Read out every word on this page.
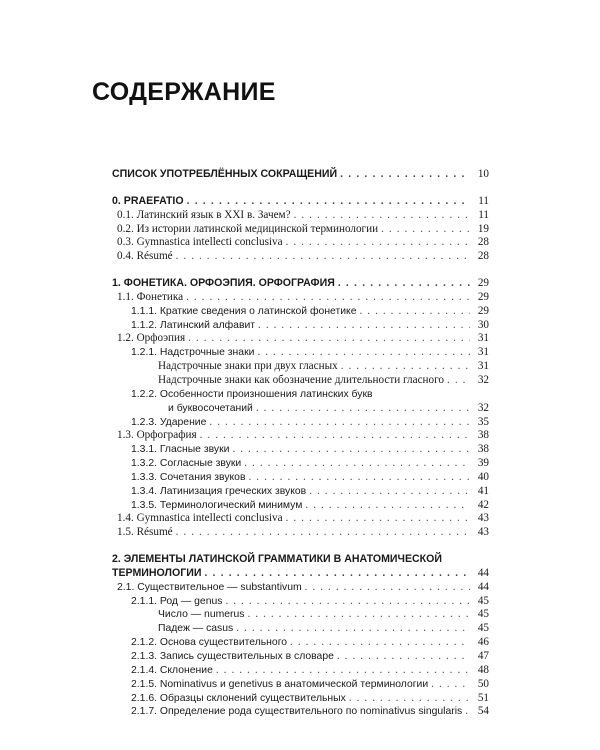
СОДЕРЖАНИЕ
СПИСОК УПОТРЕБЛЁННЫХ СОКРАЩЕНИЙ . . .	10
0. PRAEFATIO . . .	11
0.1. Латинский язык в XXI в. Зачем? . . .	11
0.2. Из истории латинской медицинской терминологии . . .	19
0.3. Gymnastica intellecti conclusiva . . .	28
0.4. Résumé . . .	28
1. ФОНЕТИКА. ОРФОЭПИЯ. ОРФОГРАФИЯ . . .	29
1.1. Фонетика . . .	29
1.1.1. Краткие сведения о латинской фонетике . . .	29
1.1.2. Латинский алфавит . . .	30
1.2. Орфоэпия . . .	31
1.2.1. Надстрочные знаки . . .	31
Надстрочные знаки при двух гласных . . .	31
Надстрочные знаки как обозначение длительности гласного . . .	32
1.2.2. Особенности произношения латинских букв
и буквосочетаний . . .	32
1.2.3. Ударение . . .	35
1.3. Орфография . . .	38
1.3.1. Гласные звуки . . .	38
1.3.2. Согласные звуки . . .	39
1.3.3. Сочетания звуков . . .	40
1.3.4. Латинизация греческих звуков . . .	41
1.3.5. Терминологический минимум . . .	42
1.4. Gymnastica intellecti conclusiva . . .	43
1.5. Résumé . . .	43
2. ЭЛЕМЕНТЫ ЛАТИНСКОЙ ГРАММАТИКИ В АНАТОМИЧЕСКОЙ
ТЕРМИНОЛОГИИ . . .	44
2.1. Существительное — substantivum . . .	44
2.1.1. Род — genus . . .	45
Число — numerus . . .	45
Падеж — casus . . .	45
2.1.2. Основа существительного . . .	46
2.1.3. Запись существительных в словаре . . .	47
2.1.4. Склонение . . .	48
2.1.5. Nominativus и genetivus в анатомической терминологии . . .	50
2.1.6. Образцы склонений существительных . . .	51
2.1.7. Определение рода существительного по nominativus singularis . . .	54
